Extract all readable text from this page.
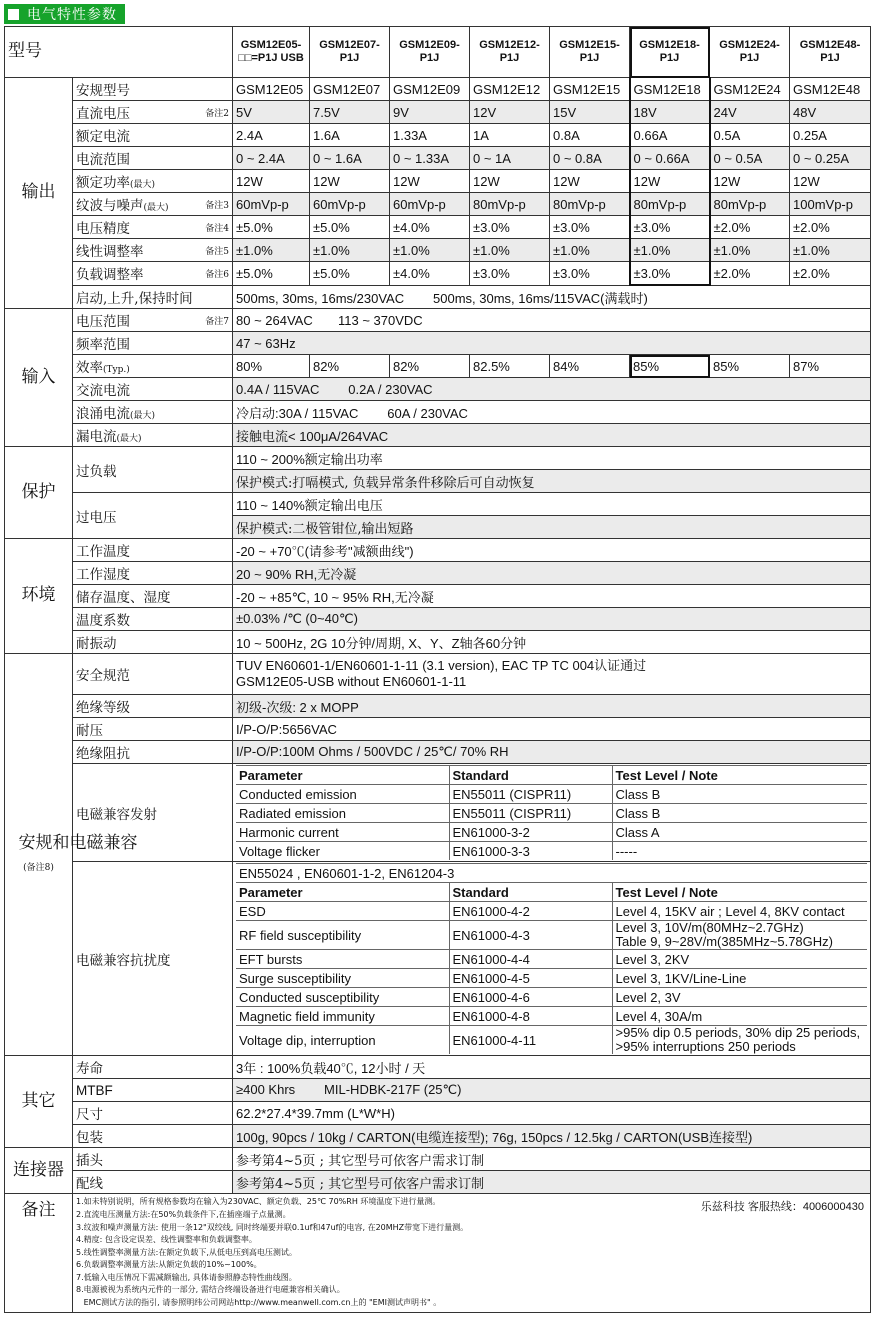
电气特性参数
型号	GSM12E05-□□=P1J USB	GSM12E07-P1J	GSM12E09-P1J	GSM12E12-P1J	GSM12E15-P1J	GSM12E18-P1J	GSM12E24-P1J	GSM12E48-P1J
输出	安规型号	GSM12E05	GSM12E07	GSM12E09	GSM12E12	GSM12E15	GSM12E18	GSM12E24	GSM12E48
直流电压	备注2	5V	7.5V	9V	12V	15V	18V	24V	48V
额定电流	2.4A	1.6A	1.33A	1A	0.8A	0.66A	0.5A	0.25A
电流范围	0 ~ 2.4A	0 ~ 1.6A	0 ~ 1.33A	0 ~ 1A	0 ~ 0.8A	0 ~ 0.66A	0 ~ 0.5A	0 ~ 0.25A
额定功率(最大)	12W	12W	12W	12W	12W	12W	12W	12W
纹波与噪声(最大)	备注3	60mVp-p	60mVp-p	60mVp-p	80mVp-p	80mVp-p	80mVp-p	80mVp-p	100mVp-p
电压精度	备注4	±5.0%	±5.0%	±4.0%	±3.0%	±3.0%	±3.0%	±2.0%	±2.0%
线性调整率	备注5	±1.0%	±1.0%	±1.0%	±1.0%	±1.0%	±1.0%	±1.0%	±1.0%
负载调整率	备注6	±5.0%	±5.0%	±4.0%	±3.0%	±3.0%	±3.0%	±2.0%	±2.0%
启动,上升,保持时间	500ms, 30ms, 16ms/230VAC        500ms, 30ms, 16ms/115VAC(满载时)
输入	电压范围	备注7	80 ~ 264VAC       113 ~ 370VDC
频率范围	47 ~ 63Hz
效率(Typ.)	80%	82%	82%	82.5%	84%	85%	85%	87%
交流电流	0.4A / 115VAC        0.2A / 230VAC
浪涌电流(最大)	冷启动:30A / 115VAC        60A / 230VAC
漏电流(最大)	接触电流< 100μA/264VAC
保护	过负载	110 ~ 200%额定输出功率
保护模式:打嗝模式, 负载异常条件移除后可自动恢复
过电压	110 ~ 140%额定输出电压
保护模式:二极管钳位,输出短路
环境	工作温度	-20 ~ +70℃(请参考"减额曲线")
工作湿度	20 ~ 90% RH,无冷凝
储存温度、湿度	-20 ~ +85℃, 10 ~ 95% RH,无冷凝
温度系数	±0.03% /℃ (0~40℃)
耐振动	10 ~ 500Hz, 2G 10分钟/周期, X、Y、Z轴各60分钟

安规和电磁兼容
(备注8)	安全规范	TUV EN60601-1/EN60601-1-11 (3.1 version), EAC TP TC 004认证通过
GSM12E05-USB without EN60601-1-11
绝缘等级	初级-次级: 2 x MOPP
耐压	I/P-O/P:5656VAC
绝缘阻抗	I/P-O/P:100M Ohms / 500VDC / 25℃/ 70% RH
电磁兼容发射	
Parameter	Standard	Test Level / Note
Conducted emission	EN55011 (CISPR11)	Class B
Radiated emission	EN55011 (CISPR11)	Class B
Harmonic current	EN61000-3-2	Class A
Voltage flicker	EN61000-3-3	-----

电磁兼容抗扰度	
EN55024 , EN60601-1-2, EN61204-3
Parameter	Standard	Test Level / Note
ESD	EN61000-4-2	Level 4, 15KV air ; Level 4, 8KV contact
RF field susceptibility	EN61000-4-3	Level 3, 10V/m(80MHz~2.7GHz)
Table 9, 9~28V/m(385MHz~5.78GHz)
EFT bursts	EN61000-4-4	Level 3, 2KV
Surge susceptibility	EN61000-4-5	Level 3, 1KV/Line-Line
Conducted susceptibility	EN61000-4-6	Level 2, 3V
Magnetic field immunity	EN61000-4-8	Level 4, 30A/m
Voltage dip, interruption	EN61000-4-11	>95% dip 0.5 periods, 30% dip 25 periods,
>95% interruptions 250 periods

其它	寿命	3年 : 100%负载40℃, 12小时 / 天
MTBF	≥400 Khrs        MIL-HDBK-217F (25℃)
尺寸	62.2*27.4*39.7mm (L*W*H)
包装	100g, 90pcs / 10kg / CARTON(电缆连接型); 76g, 150pcs / 12.5kg / CARTON(USB连接型)
连接器	插头	参考第4~5页 ; 其它型号可依客户需求订制
配线	参考第4~5页 ; 其它型号可依客户需求订制
备注	乐兹科技 客服热线：4006000430
1.如未特别说明，所有规格参数均在输入为230VAC、额定负载、25℃ 70%RH 环境温度下进行量测。
2.直流电压测量方法:在50%负载条件下,在插座端子点量测。
3.纹波和噪声测量方法: 使用一条12"双绞线, 同时终端要并联0.1uf和47uf的电容, 在20MHZ带宽下进行量测。
4.精度: 包含设定误差、线性调整率和负载调整率。
5.线性调整率测量方法:在额定负载下,从低电压到高电压测试。
6.负载调整率测量方法:从额定负载的10%~100%。
7.低输入电压情况下需减额输出, 具体请参照静态特性曲线图。
8.电源被视为系统内元件的一部分, 需结合终端设备进行电磁兼容相关确认。
EMC测试方法的指引, 请参照明纬公司网站http://www.meanwell.com.cn上的 "EMI测试声明书" 。
